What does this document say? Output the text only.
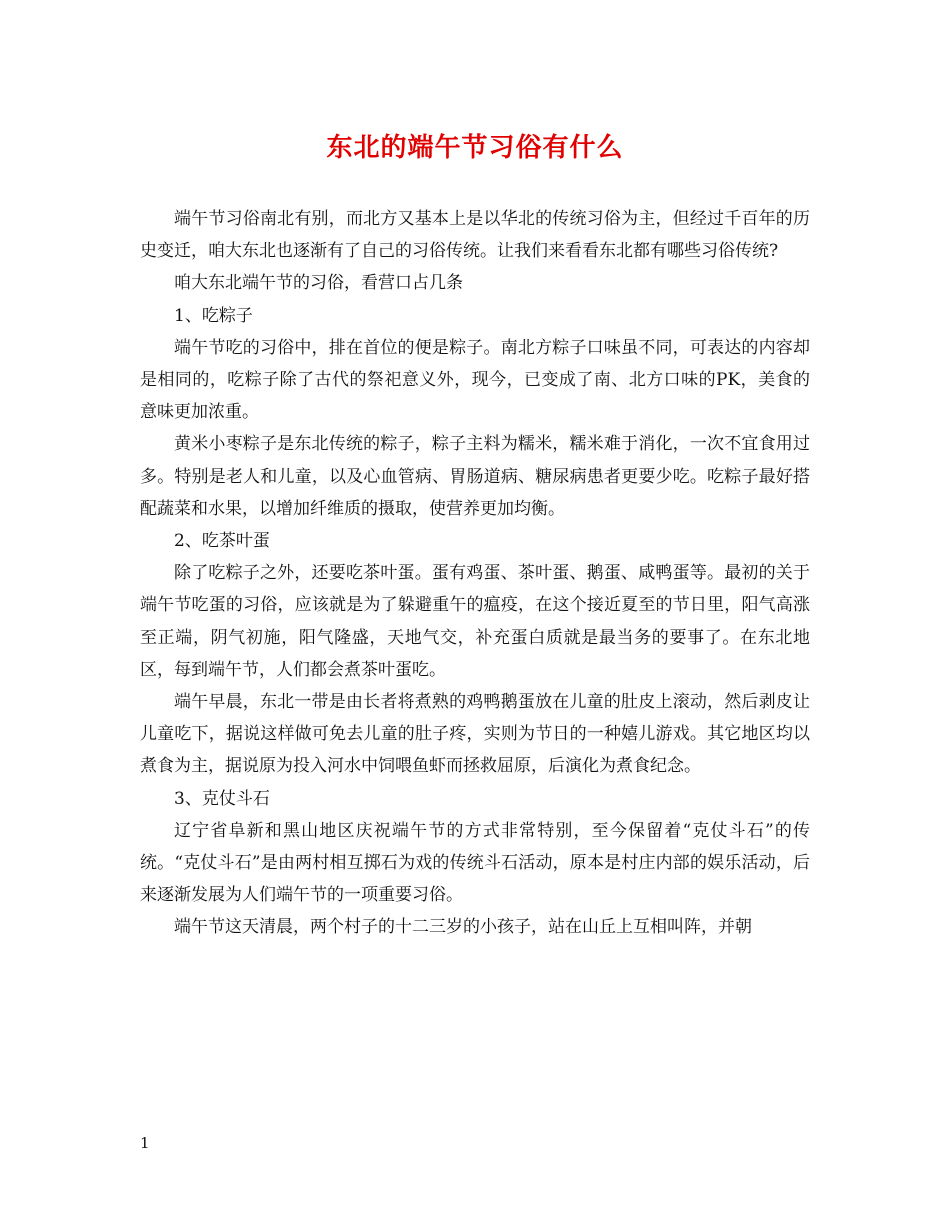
东北的端午节习俗有什么

端午节习俗南北有别，而北方又基本上是以华北的传统习俗为主，但经过千百年的历史变迁，咱大东北也逐渐有了自己的习俗传统。让我们来看看东北都有哪些习俗传统?

咱大东北端午节的习俗，看营口占几条

1、吃粽子

端午节吃的习俗中，排在首位的便是粽子。南北方粽子口味虽不同，可表达的内容却是相同的，吃粽子除了古代的祭祀意义外，现今，已变成了南、北方口味的PK，美食的意味更加浓重。

黄米小枣粽子是东北传统的粽子，粽子主料为糯米，糯米难于消化，一次不宜食用过多。特别是老人和儿童，以及心血管病、胃肠道病、糖尿病患者更要少吃。吃粽子最好搭配蔬菜和水果，以增加纤维质的摄取，使营养更加均衡。

2、吃茶叶蛋

除了吃粽子之外，还要吃茶叶蛋。蛋有鸡蛋、茶叶蛋、鹅蛋、咸鸭蛋等。最初的关于端午节吃蛋的习俗，应该就是为了躲避重午的瘟疫，在这个接近夏至的节日里，阳气高涨至正端，阴气初施，阳气隆盛，天地气交，补充蛋白质就是最当务的要事了。在东北地区，每到端午节，人们都会煮茶叶蛋吃。

端午早晨，东北一带是由长者将煮熟的鸡鸭鹅蛋放在儿童的肚皮上滚动，然后剥皮让儿童吃下，据说这样做可免去儿童的肚子疼，实则为节日的一种嬉儿游戏。其它地区均以煮食为主，据说原为投入河水中饲喂鱼虾而拯救屈原，后演化为煮食纪念。

3、克仗斗石

辽宁省阜新和黑山地区庆祝端午节的方式非常特别，至今保留着“克仗斗石”的传统。“克仗斗石”是由两村相互掷石为戏的传统斗石活动，原本是村庄内部的娱乐活动，后来逐渐发展为人们端午节的一项重要习俗。

端午节这天清晨，两个村子的十二三岁的小孩子，站在山丘上互相叫阵，并朝

1
